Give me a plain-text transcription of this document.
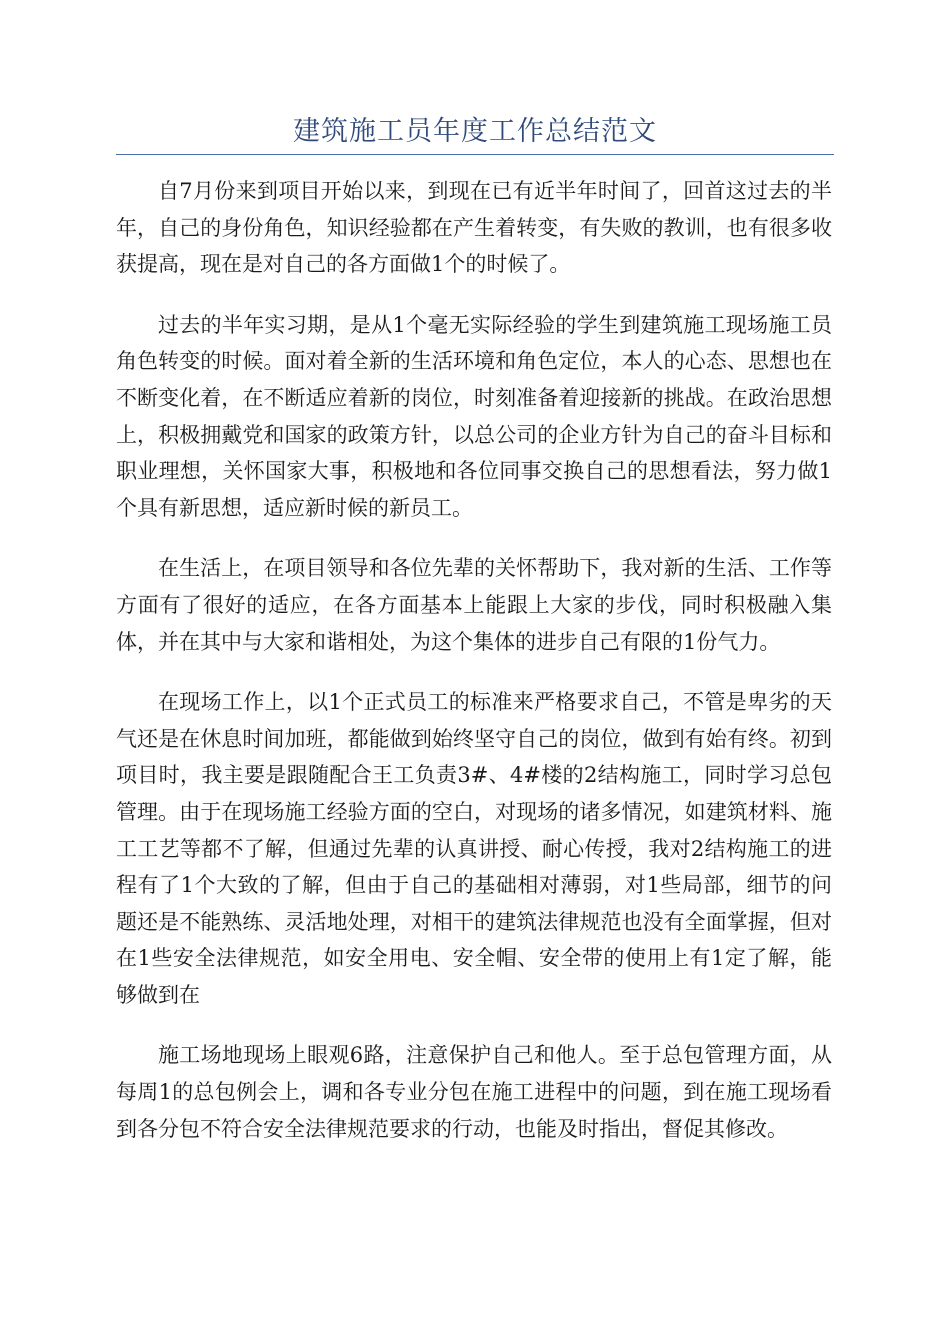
建筑施工员年度工作总结范文

自7月份来到项目开始以来，到现在已有近半年时间了，回首这过去的半年，自己的身份角色，知识经验都在产生着转变，有失败的教训，也有很多收获提高，现在是对自己的各方面做1个的时候了。

过去的半年实习期，是从1个毫无实际经验的学生到建筑施工现场施工员角色转变的时候。面对着全新的生活环境和角色定位，本人的心态、思想也在不断变化着，在不断适应着新的岗位，时刻准备着迎接新的挑战。在政治思想上，积极拥戴党和国家的政策方针，以总公司的企业方针为自己的奋斗目标和职业理想，关怀国家大事，积极地和各位同事交换自己的思想看法，努力做1个具有新思想，适应新时候的新员工。

在生活上，在项目领导和各位先辈的关怀帮助下，我对新的生活、工作等方面有了很好的适应，在各方面基本上能跟上大家的步伐，同时积极融入集体，并在其中与大家和谐相处，为这个集体的进步自己有限的1份气力。

在现场工作上，以1个正式员工的标准来严格要求自己，不管是卑劣的天气还是在休息时间加班，都能做到始终坚守自己的岗位，做到有始有终。初到项目时，我主要是跟随配合王工负责3#、4#楼的2结构施工，同时学习总包管理。由于在现场施工经验方面的空白，对现场的诸多情况，如建筑材料、施工工艺等都不了解，但通过先辈的认真讲授、耐心传授，我对2结构施工的进程有了1个大致的了解，但由于自己的基础相对薄弱，对1些局部，细节的问题还是不能熟练、灵活地处理，对相干的建筑法律规范也没有全面掌握，但对在1些安全法律规范，如安全用电、安全帽、安全带的使用上有1定了解，能够做到在

施工场地现场上眼观6路，注意保护自己和他人。至于总包管理方面，从每周1的总包例会上，调和各专业分包在施工进程中的问题，到在施工现场看到各分包不符合安全法律规范要求的行动，也能及时指出，督促其修改。
